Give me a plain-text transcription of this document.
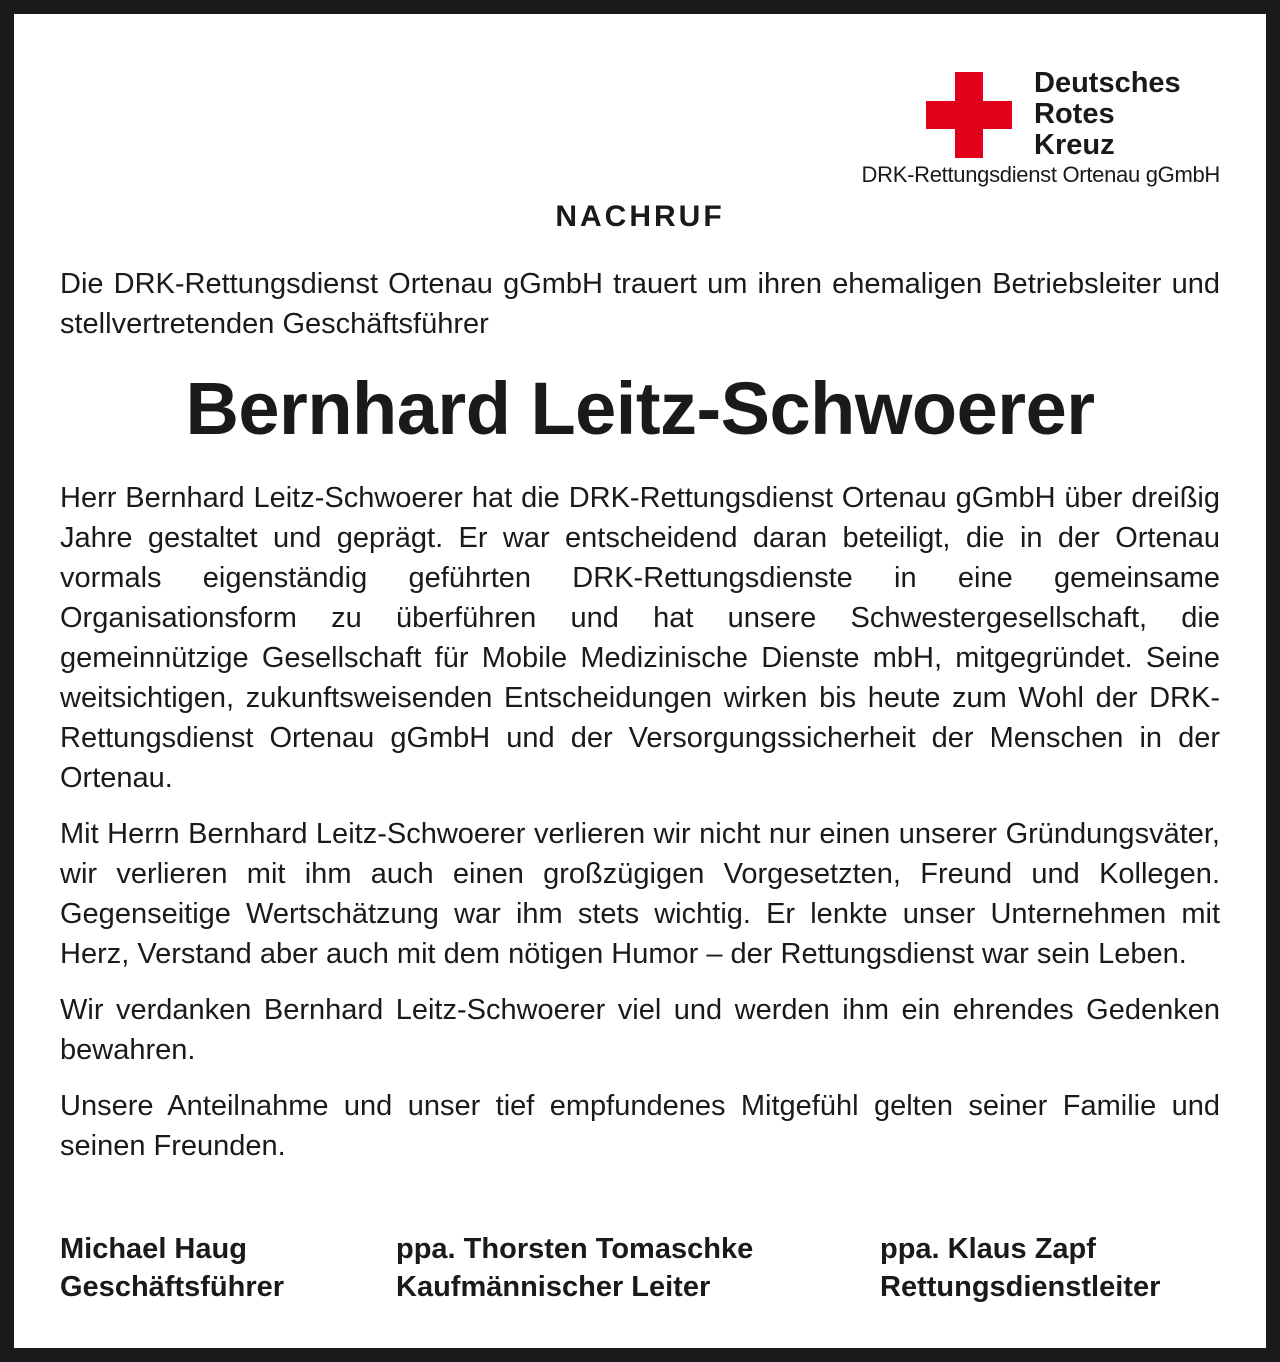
Deutsches
Rotes
Kreuz
DRK-Rettungsdienst Ortenau gGmbH
NACHRUF

Die DRK-Rettungsdienst Ortenau gGmbH trauert um ihren ehemaligen Betriebsleiter und stellvertretenden Geschäftsführer

Bernhard Leitz-Schwoerer

Herr Bernhard Leitz-Schwoerer hat die DRK-Rettungsdienst Ortenau gGmbH über dreißig Jahre gestaltet und geprägt. Er war entscheidend daran beteiligt, die in der Ortenau vormals eigenständig geführten DRK-Rettungsdienste in eine gemeinsame Organisationsform zu überführen und hat unsere Schwestergesellschaft, die gemeinnützige Gesellschaft für Mobile Medizinische Dienste mbH, mitgegründet. Seine weitsichtigen, zukunftsweisenden Entscheidungen wirken bis heute zum Wohl der DRK-Rettungsdienst Ortenau gGmbH und der Versorgungssicherheit der Menschen in der Ortenau.

Mit Herrn Bernhard Leitz-Schwoerer verlieren wir nicht nur einen unserer Gründungsväter, wir verlieren mit ihm auch einen großzügigen Vorgesetzten, Freund und Kollegen. Gegenseitige Wertschätzung war ihm stets wichtig. Er lenkte unser Unternehmen mit Herz, Verstand aber auch mit dem nötigen Humor – der Rettungsdienst war sein Leben.

Wir verdanken Bernhard Leitz-Schwoerer viel und werden ihm ein ehrendes Gedenken bewahren.

Unsere Anteilnahme und unser tief empfundenes Mitgefühl gelten seiner Familie und seinen Freunden.

Michael Haug
Geschäftsführer
ppa. Thorsten Tomaschke
Kaufmännischer Leiter
ppa. Klaus Zapf
Rettungsdienstleiter
